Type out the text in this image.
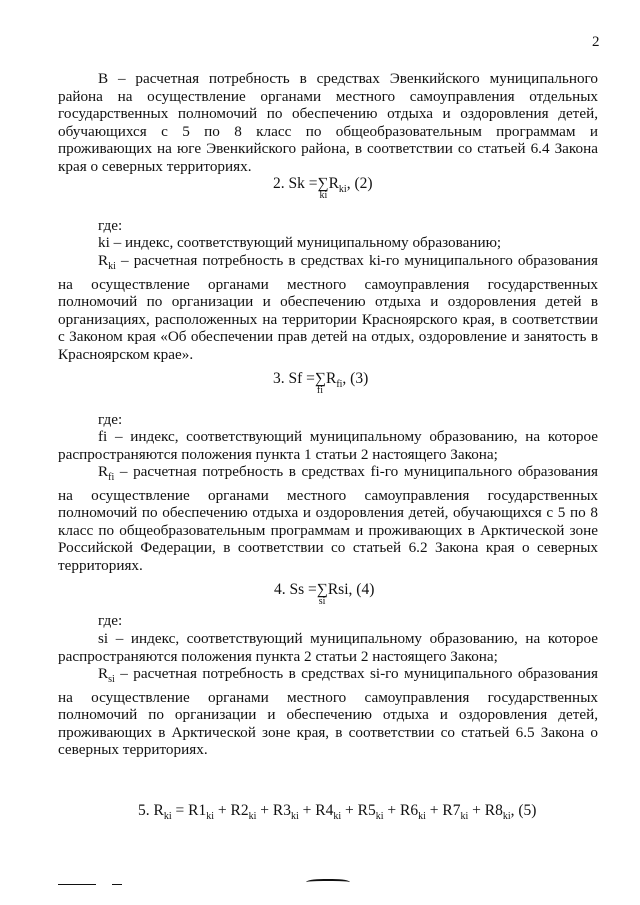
2

B – расчетная потребность в средствах Эвенкийского муниципального района на осуществление органами местного самоуправления отдельных государственных полномочий по обеспечению отдыха и оздоровления детей, обучающихся с 5 по 8 класс по общеобразовательным программам и проживающих на юге Эвенкийского района, в соответствии со статьей 6.4 Закона края о северных территориях.

2. Sk =∑
ki
$R_{ki}$, (2)
где:

ki – индекс, соответствующий муниципальному образованию;

$R_{ki}$ – расчетная потребность в средствах ki-го муниципального образования на осуществление органами местного самоуправления государственных полномочий по организации и обеспечению отдыха и оздоровления детей в организациях, расположенных на территории Красноярского края, в соответствии с Законом края «Об обеспечении прав детей на отдых, оздоровление и занятость в Красноярском крае».

3. Sf =∑
fi
$R_{fi}$, (3)
где:

fi – индекс, соответствующий муниципальному образованию, на которое распространяются положения пункта 1 статьи 2 настоящего Закона;

$R_{fi}$ – расчетная потребность в средствах fi-го муниципального образования на осуществление органами местного самоуправления государственных полномочий по обеспечению отдыха и оздоровления детей, обучающихся с 5 по 8 класс по общеобразовательным программам и проживающих в Арктической зоне Российской Федерации, в соответствии со статьей 6.2 Закона края о северных территориях.

4. Ss =∑
si
Rsi, (4)
где:

si – индекс, соответствующий муниципальному образованию, на которое распространяются положения пункта 2 статьи 2 настоящего Закона;

$R_{si}$ – расчетная потребность в средствах si-го муниципального образования на осуществление органами местного самоуправления государственных полномочий по организации и обеспечению отдыха и оздоровления детей, проживающих в Арктической зоне края, в соответствии со статьей 6.5 Закона о северных территориях.

5. $R_{ki} = R1_{ki} + R2_{ki} + R3_{ki} + R4_{ki} + R5_{ki} + R6_{ki} + R7_{ki} + R8_{ki}$, (5)
